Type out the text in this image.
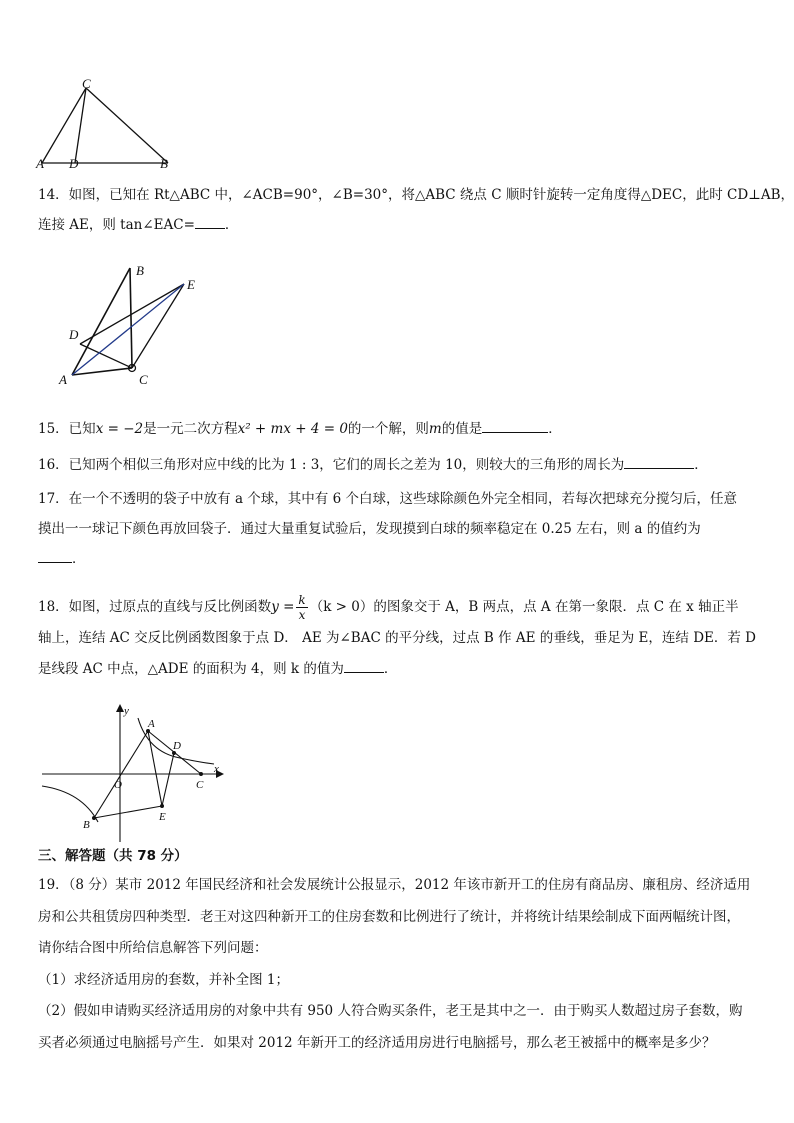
C
A D	B
14．如图，已知在 Rt△ABC 中，∠ACB=90°，∠B=30°，将△ABC 绕点 C 顺时针旋转一定角度得△DEC，此时 CD⊥AB，
连接 AE，则 tan∠EAC= ．
B
E
D
A	C
15．已知x = −2是一元二次方程x² + mx + 4 = 0的一个解，则m的值是	．
16．已知两个相似三角形对应中线的比为 1 : 3，它们的周长之差为 10，则较大的三角形的周长为	．
17．在一个不透明的袋子中放有 a 个球，其中有 6 个白球，这些球除颜色外完全相同，若每次把球充分搅匀后，任意
摸出一一球记下颜色再放回袋子．通过大量重复试验后，发现摸到白球的频率稳定在 0.25 左右，则 a 的值约为
．
18．如图，过原点的直线与反比例函数$y = \frac{k}{x} (k > 0)$的图象交于 A，B 两点，点 A 在第一象限．点 C 在 x 轴正半
轴上，连结 AC 交反比例函数图象于点 D． AE 为∠BAC 的平分线，过点 B 作 AE 的垂线，垂足为 E，连结 DE．若 D
是线段 AC 中点，△ADE 的面积为 4，则 k 的值为	．
y
A
D
O
x
C
E
B
三、解答题（共 78 分）
19．（8 分）某市 2012 年国民经济和社会发展统计公报显示，2012 年该市新开工的住房有商品房、廉租房、经济适用
房和公共租赁房四种类型．老王对这四种新开工的住房套数和比例进行了统计，并将统计结果绘制成下面两幅统计图，
请你结合图中所给信息解答下列问题：
（1）求经济适用房的套数，并补全图 1；
（2）假如申请购买经济适用房的对象中共有 950 人符合购买条件，老王是其中之一．由于购买人数超过房子套数，购
买者必须通过电脑摇号产生．如果对 2012 年新开工的经济适用房进行电脑摇号，那么老王被摇中的概率是多少？
